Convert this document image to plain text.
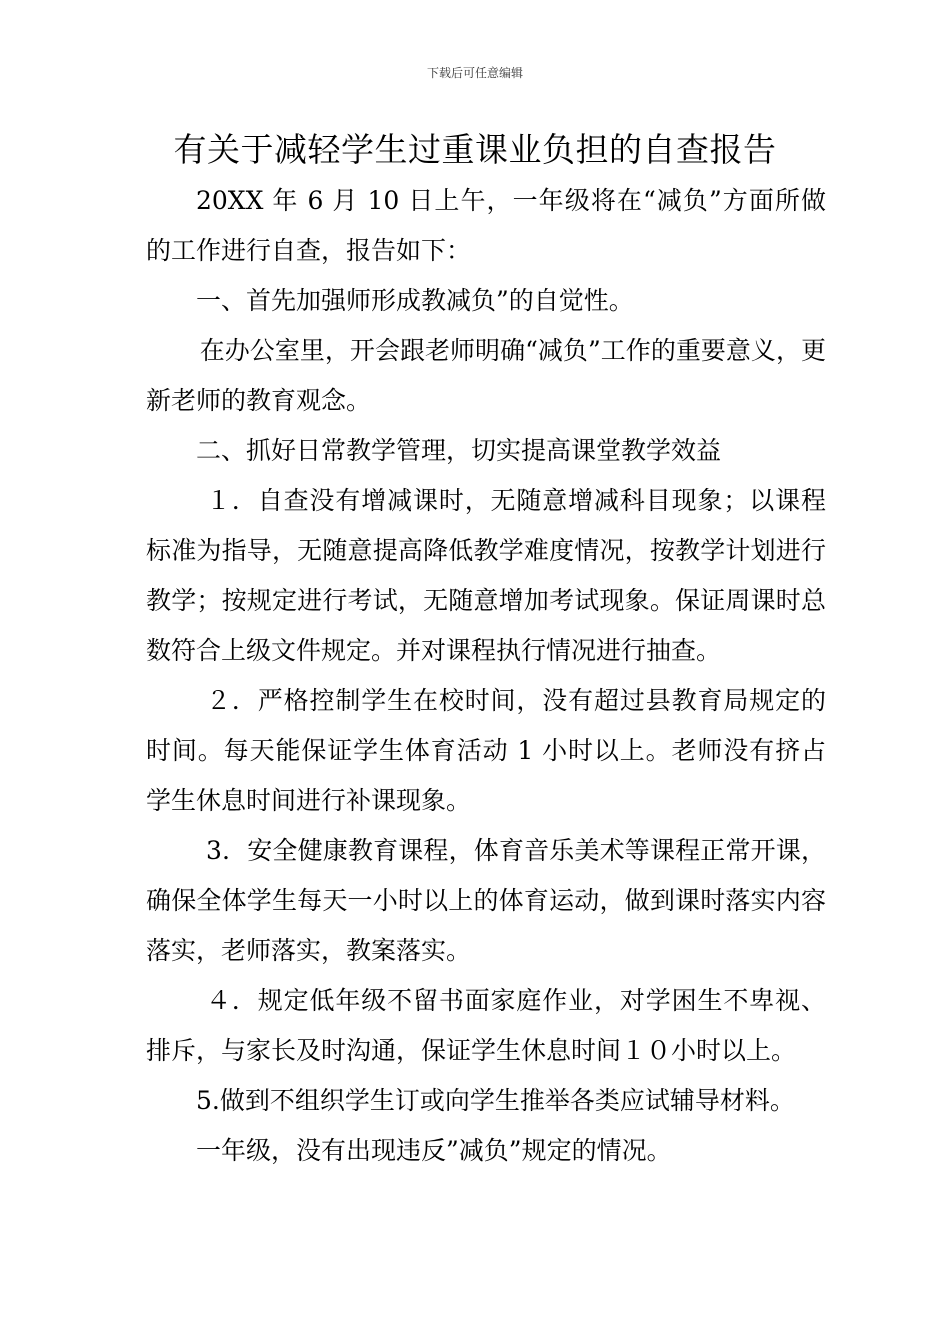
下载后可任意编辑
有关于减轻学生过重课业负担的自查报告

20XX 年 6 月 10 日上午，一年级将在“减负”方面所做的工作进行自查，报告如下：

一、首先加强师形成教减负”的自觉性。

在办公室里，开会跟老师明确“减负”工作的重要意义，更新老师的教育观念。

二、抓好日常教学管理，切实提高课堂教学效益

１．自查没有增减课时，无随意增减科目现象；以课程标准为指导，无随意提高降低教学难度情况，按教学计划进行教学；按规定进行考试，无随意增加考试现象。保证周课时总数符合上级文件规定。并对课程执行情况进行抽查。

２．严格控制学生在校时间，没有超过县教育局规定的时间。每天能保证学生体育活动 1 小时以上。老师没有挤占学生休息时间进行补课现象。

3．安全健康教育课程，体育音乐美术等课程正常开课，确保全体学生每天一小时以上的体育运动，做到课时落实内容落实，老师落实，教案落实。

４．规定低年级不留书面家庭作业，对学困生不卑视、排斥，与家长及时沟通，保证学生休息时间１０小时以上。

5.做到不组织学生订或向学生推举各类应试辅导材料。

一年级，没有出现违反”减负”规定的情况。
